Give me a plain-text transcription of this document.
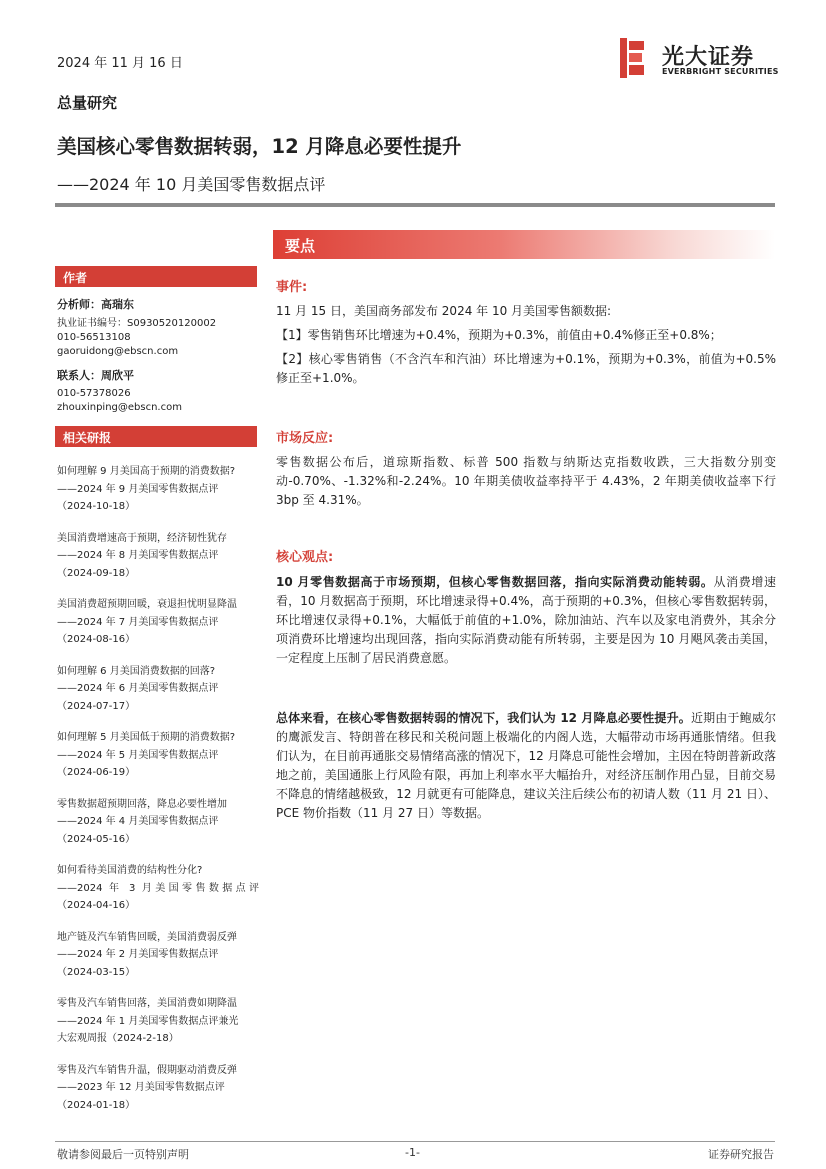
2024 年 11 月 16 日	光大证券
EVERBRIGHT SECURITIES
总量研究
美国核心零售数据转弱，12 月降息必要性提升
——2024 年 10 月美国零售数据点评
要点
作者
分析师：高瑞东
执业证书编号：S0930520120002
010-56513108
gaoruidong@ebscn.com
联系人：周欣平
010-57378026
zhouxinping@ebscn.com
相关研报
如何理解 9 月美国高于预期的消费数据?
——2024 年 9 月美国零售数据点评
（2024-10-18）
美国消费增速高于预期，经济韧性犹存
——2024 年 8 月美国零售数据点评
（2024-09-18）
美国消费超预期回暖，衰退担忧明显降温
——2024 年 7 月美国零售数据点评
（2024-08-16）
如何理解 6 月美国消费数据的回落?
——2024 年 6 月美国零售数据点评
（2024-07-17）
如何理解 5 月美国低于预期的消费数据?
——2024 年 5 月美国零售数据点评
（2024-06-19）
零售数据超预期回落，降息必要性增加
——2024 年 4 月美国零售数据点评
（2024-05-16）
如何看待美国消费的结构性分化?
——2024 年 3 月美国零售数据点评
（2024-04-16）
地产链及汽车销售回暖，美国消费弱反弹
——2024 年 2 月美国零售数据点评
（2024-03-15）
零售及汽车销售回落，美国消费如期降温
——2024 年 1 月美国零售数据点评兼光大宏观周报（2024-2-18）
零售及汽车销售升温，假期驱动消费反弹
——2023 年 12 月美国零售数据点评
（2024-01-18）
事件:

11 月 15 日，美国商务部发布 2024 年 10 月美国零售额数据:

【1】零售销售环比增速为+0.4%，预期为+0.3%，前值由+0.4%修正至+0.8%；

【2】核心零售销售（不含汽车和汽油）环比增速为+0.1%，预期为+0.3%，前值为+0.5%修正至+1.0%。

市场反应:

零售数据公布后，道琼斯指数、标普 500 指数与纳斯达克指数收跌，三大指数分别变动-0.70%、-1.32%和-2.24%。10 年期美债收益率持平于 4.43%，2 年期美债收益率下行 3bp 至 4.31%。

核心观点:

10 月零售数据高于市场预期，但核心零售数据回落，指向实际消费动能转弱。从消费增速看，10 月数据高于预期，环比增速录得+0.4%，高于预期的+0.3%，但核心零售数据转弱，环比增速仅录得+0.1%，大幅低于前值的+1.0%，除加油站、汽车以及家电消费外，其余分项消费环比增速均出现回落，指向实际消费动能有所转弱，主要是因为 10 月飓风袭击美国，一定程度上压制了居民消费意愿。

总体来看，在核心零售数据转弱的情况下，我们认为 12 月降息必要性提升。近期由于鲍威尔的鹰派发言、特朗普在移民和关税问题上极端化的内阁人选，大幅带动市场再通胀情绪。但我们认为，在目前再通胀交易情绪高涨的情况下，12 月降息可能性会增加，主因在特朗普新政落地之前，美国通胀上行风险有限，再加上利率水平大幅抬升，对经济压制作用凸显，目前交易不降息的情绪越极致，12 月就更有可能降息，建议关注后续公布的初请人数（11 月 21 日）、PCE 物价指数（11 月 27 日）等数据。

敬请参阅最后一页特别声明	-1-	证券研究报告
